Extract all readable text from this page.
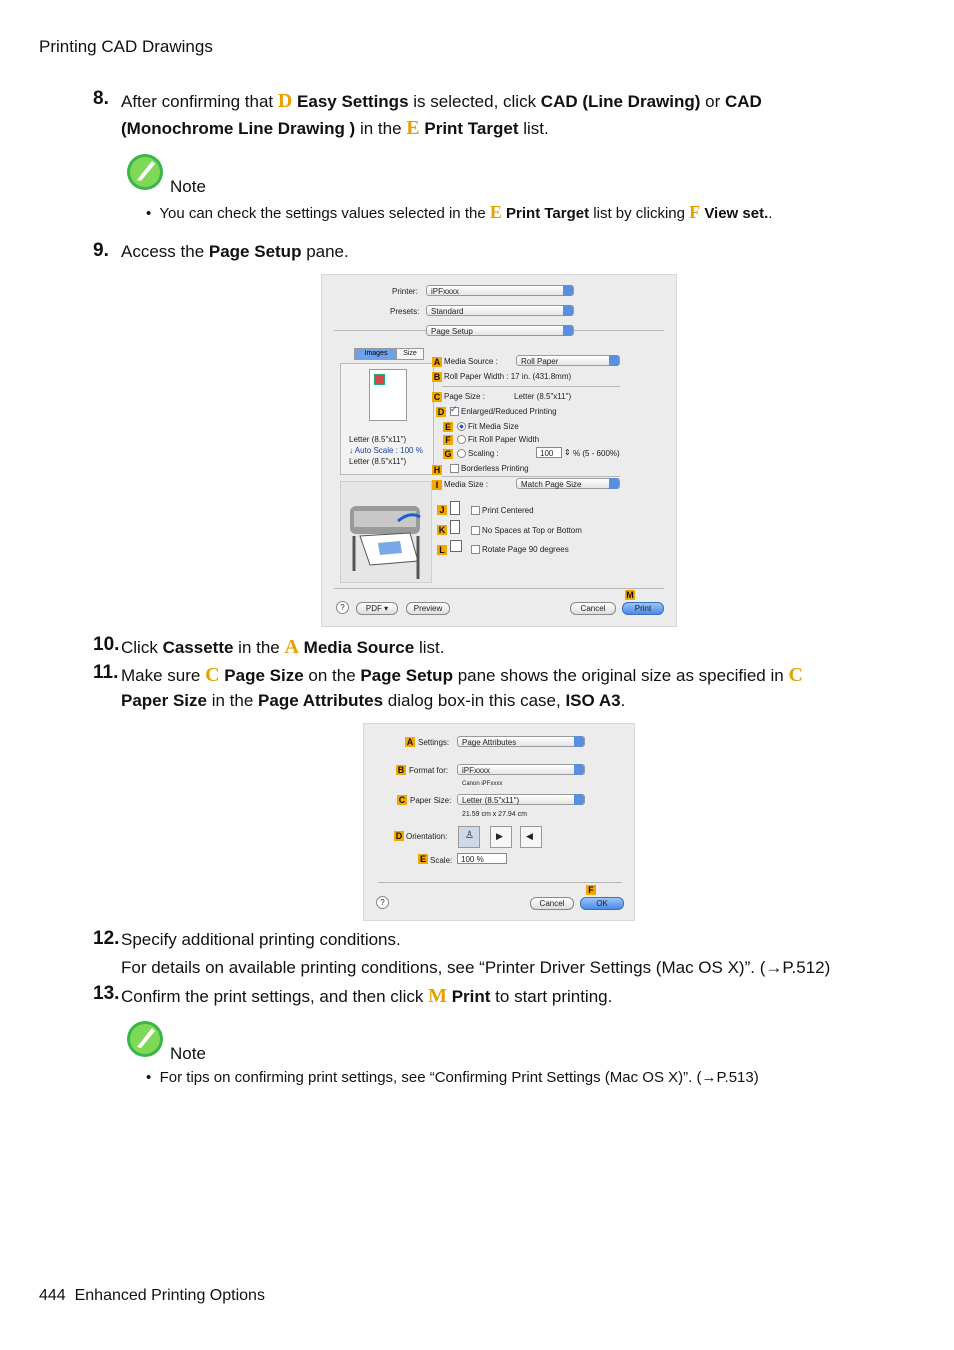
Printing CAD Drawings
8. After confirming that D Easy Settings is selected, click CAD (Line Drawing) or CAD
(Monochrome Line Drawing ) in the E Print Target list.
Note
• You can check the settings values selected in the E Print Target list by clicking F View set..
9. Access the Page Setup pane.
Printer:	iPFxxxx
Presets:	Standard
Page Setup
Images	Size
Letter (8.5"x11")
↓ Auto Scale : 100 %
Letter (8.5"x11")
A Media Source :	Roll Paper
B Roll Paper Width : 17 in. (431.8mm)
C Page Size :	Letter (8.5"x11")
D
✓ Enlarged/Reduced Printing
E Fit Media Size
F Fit Roll Paper Width
G Scaling :	100	⇕ % (5 - 600%)
H	Borderless Printing
I Media Size :	Match Page Size
J	Print Centered
K	No Spaces at Top or Bottom
L	Rotate Page 90 degrees
?	PDF ▾	Preview	Cancel
M
Print
10. Click Cassette in the A Media Source list.
11. Make sure C Page Size on the Page Setup pane shows the original size as specified in C
Paper Size in the Page Attributes dialog box-in this case, ISO A3.
A Settings:	Page Attributes
B Format for:	iPFxxxx
Canon iPFxxxx
C Paper Size:	Letter (8.5"x11")
21.59 cm x 27.94 cm
D Orientation: ♙ ▶	◀
E Scale:	100 %
?	Cancel
F
OK
12. Specify additional printing conditions.
For details on available printing conditions, see “Printer Driver Settings (Mac OS X)”. (→P.512)
13. Confirm the print settings, and then click M Print to start printing.
Note
• For tips on confirming print settings, see “Confirming Print Settings (Mac OS X)”. (→P.513)
444 Enhanced Printing Options
